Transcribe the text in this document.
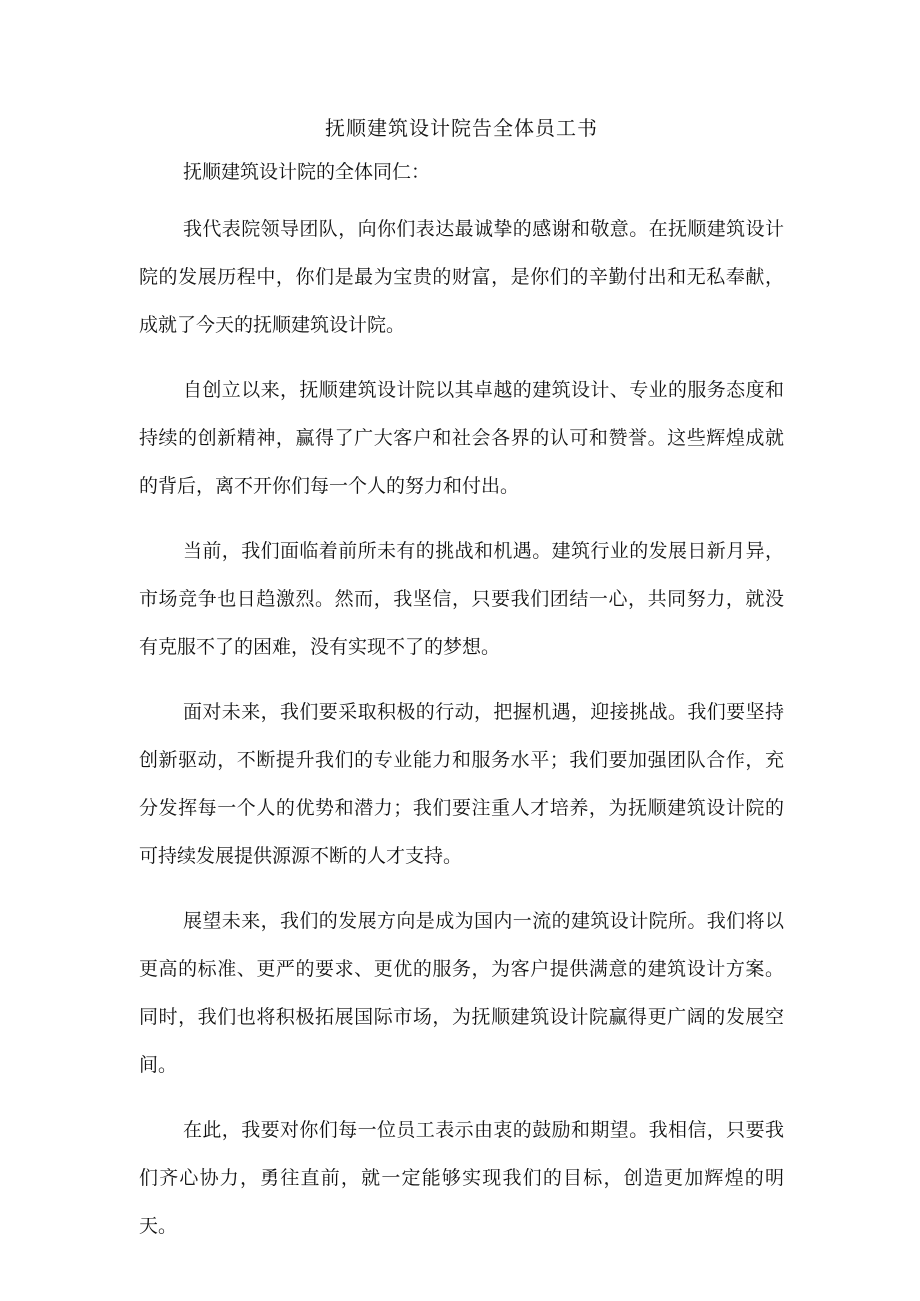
抚顺建筑设计院告全体员工书

抚顺建筑设计院的全体同仁：

我代表院领导团队，向你们表达最诚挚的感谢和敬意。在抚顺建筑设计院的发展历程中，你们是最为宝贵的财富，是你们的辛勤付出和无私奉献，成就了今天的抚顺建筑设计院。

自创立以来，抚顺建筑设计院以其卓越的建筑设计、专业的服务态度和持续的创新精神，赢得了广大客户和社会各界的认可和赞誉。这些辉煌成就的背后，离不开你们每一个人的努力和付出。

当前，我们面临着前所未有的挑战和机遇。建筑行业的发展日新月异，市场竞争也日趋激烈。然而，我坚信，只要我们团结一心，共同努力，就没有克服不了的困难，没有实现不了的梦想。

面对未来，我们要采取积极的行动，把握机遇，迎接挑战。我们要坚持创新驱动，不断提升我们的专业能力和服务水平；我们要加强团队合作，充分发挥每一个人的优势和潜力；我们要注重人才培养，为抚顺建筑设计院的可持续发展提供源源不断的人才支持。

展望未来，我们的发展方向是成为国内一流的建筑设计院所。我们将以更高的标准、更严的要求、更优的服务，为客户提供满意的建筑设计方案。同时，我们也将积极拓展国际市场，为抚顺建筑设计院赢得更广阔的发展空间。

在此，我要对你们每一位员工表示由衷的鼓励和期望。我相信，只要我们齐心协力，勇往直前，就一定能够实现我们的目标，创造更加辉煌的明天。
